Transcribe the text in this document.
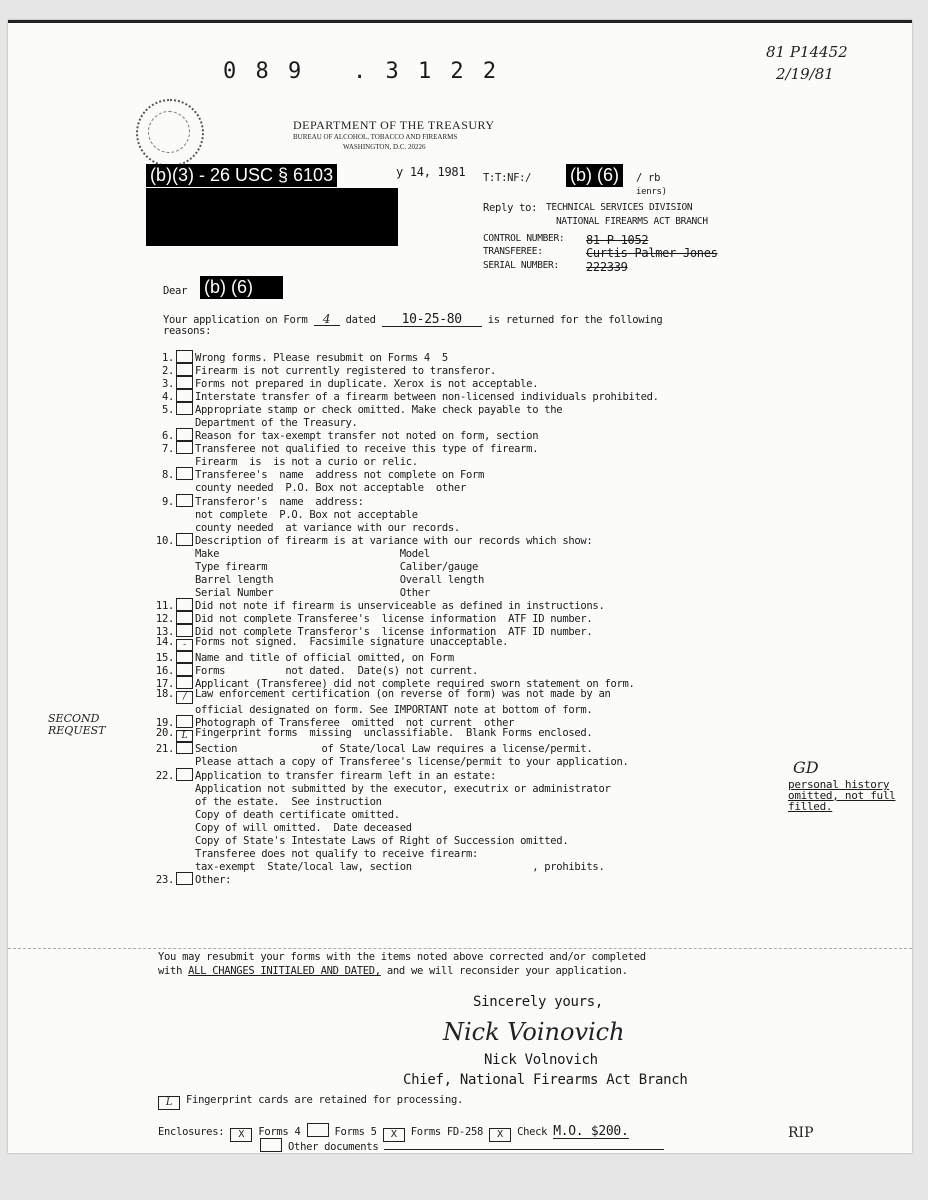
0 8 9   . 3 1 2 2
81 P14452
2/19/81
DEPARTMENT OF THE TREASURY
BUREAU OF ALCOHOL, TOBACCO AND FIREARMS
WASHINGTON, D.C. 20226
(b)(3) - 26 USC § 6103	y 14, 1981 T:T:NF:/ (b) (6)	/ rb
ienrs)
Reply to: TECHNICAL SERVICES DIVISION
NATIONAL FIREARMS ACT BRANCH
CONTROL NUMBER: 81 P 1052
TRANSFEREE:	Curtis Palmer Jones
SERIAL NUMBER: 222339
Dear (b) (6)
Your application on Form 4 dated 10-25-80 is returned for the following
reasons:
1. Wrong forms. Please resubmit on Forms 4  5
2. Firearm is not currently registered to transferor.
3. Forms not prepared in duplicate. Xerox is not acceptable.
4. Interstate transfer of a firearm between non-licensed individuals prohibited.
5. Appropriate stamp or check omitted. Make check payable to the
Department of the Treasury.
6. Reason for tax-exempt transfer not noted on form, section
7. Transferee not qualified to receive this type of firearm.
Firearm  is  is not a curio or relic.
8. Transferee's  name  address not complete on Form
county needed  P.O. Box not acceptable  other
9. Transferor's  name  address:
not complete  P.O. Box not acceptable
county needed  at variance with our records.
10. Description of firearm is at variance with our records which show:
Make                              Model
Type firearm                      Caliber/gauge
Barrel length                     Overall length
Serial Number                     Other
11. Did not note if firearm is unserviceable as defined in instructions.
12. Did not complete Transferee's  license information  ATF ID number.
13. Did not complete Transferor's  license information  ATF ID number.
14. - Forms not signed.  Facsimile signature unacceptable.
15. Name and title of official omitted, on Form
16. Forms          not dated.  Date(s) not current.
17. Applicant (Transferee) did not complete required sworn statement on form.
18. / Law enforcement certification (on reverse of form) was not made by an
official designated on form. See IMPORTANT note at bottom of form.
19. Photograph of Transferee  omitted  not current  other
20. L Fingerprint forms  missing  unclassifiable.  Blank Forms enclosed.
21. Section              of State/local Law requires a license/permit.
Please attach a copy of Transferee's license/permit to your application.
22. Application to transfer firearm left in an estate:
Application not submitted by the executor, executrix or administrator
of the estate.  See instruction
Copy of death certificate omitted.
Copy of will omitted.  Date deceased
Copy of State's Intestate Laws of Right of Succession omitted.
Transferee does not qualify to receive firearm:
tax-exempt  State/local law, section                    , prohibits.
23. Other:
SECOND REQUEST
GD
personal history omitted, not full filled.
You may resubmit your forms with the items noted above corrected and/or completed
with ALL CHANGES INITIALED AND DATED, and we will reconsider your application.
Sincerely yours,
Nick Voinovich
Nick Volnovich
Chief, National Firearms Act Branch
L Fingerprint cards are retained for processing.
Enclosures: X Forms 4	Forms 5 X Forms FD-258 X Check M.O. $200.
Other documents
RIP
